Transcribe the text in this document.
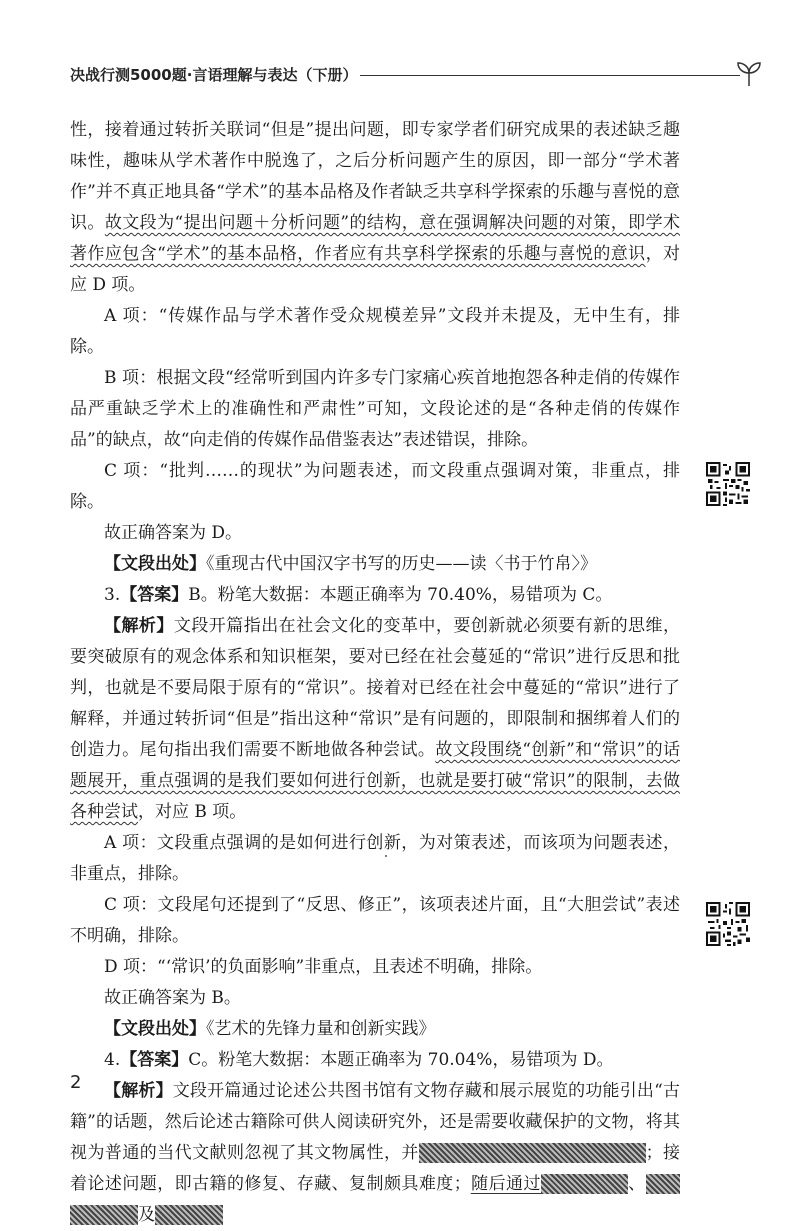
决战行测5000题·言语理解与表达（下册）

性，接着通过转折关联词“但是”提出问题，即专家学者们研究成果的表述缺乏趣味性，趣味从学术著作中脱逸了，之后分析问题产生的原因，即一部分“学术著作”并不真正地具备“学术”的基本品格及作者缺乏共享科学探索的乐趣与喜悦的意识。故文段为“提出问题＋分析问题”的结构，意在强调解决问题的对策，即学术著作应包含“学术”的基本品格，作者应有共享科学探索的乐趣与喜悦的意识，对应 D 项。

A 项：“传媒作品与学术著作受众规模差异”文段并未提及，无中生有，排除。

B 项：根据文段“经常听到国内许多专门家痛心疾首地抱怨各种走俏的传媒作品严重缺乏学术上的准确性和严肃性”可知，文段论述的是“各种走俏的传媒作品”的缺点，故“向走俏的传媒作品借鉴表达”表述错误，排除。

C 项：“批判……的现状”为问题表述，而文段重点强调对策，非重点，排除。

故正确答案为 D。

【文段出处】《重现古代中国汉字书写的历史——读〈书于竹帛〉》

3.【答案】B。粉笔大数据：本题正确率为 70.40%，易错项为 C。

【解析】文段开篇指出在社会文化的变革中，要创新就必须要有新的思维，要突破原有的观念体系和知识框架，要对已经在社会蔓延的“常识”进行反思和批判，也就是不要局限于原有的“常识”。接着对已经在社会中蔓延的“常识”进行了解释，并通过转折词“但是”指出这种“常识”是有问题的，即限制和捆绑着人们的创造力。尾句指出我们需要不断地做各种尝试。故文段围绕“创新”和“常识”的话题展开，重点强调的是我们要如何进行创新，也就是要打破“常识”的限制，去做各种尝试，对应 B 项。

A 项：文段重点强调的是如何进行创新，为对策表述，而该项为问题表述，非重点，排除。

C 项：文段尾句还提到了“反思、修正”，该项表述片面，且“大胆尝试”表述不明确，排除。

D 项：“‘常识’的负面影响”非重点，且表述不明确，排除。

故正确答案为 B。

【文段出处】《艺术的先锋力量和创新实践》

4.【答案】C。粉笔大数据：本题正确率为 70.04%，易错项为 D。

【解析】文段开篇通过论述公共图书馆有文物存藏和展示展览的功能引出“古籍”的话题，然后论述古籍除可供人阅读研究外，还是需要收藏保护的文物，将其视为普通的当代文献则忽视了其文物属性，并	；接着论述问题，即古籍的修复、存藏、复制颇具难度；随后通过	、及

2
